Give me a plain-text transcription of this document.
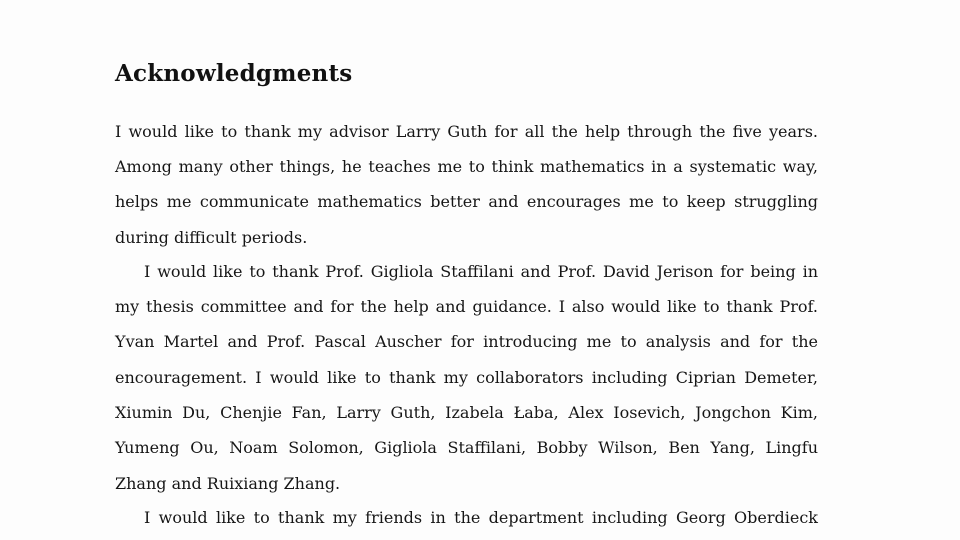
Acknowledgments
I would like to thank my advisor Larry Guth for all the help through the five years.
Among many other things, he teaches me to think mathematics in a systematic way,
helps me communicate mathematics better and encourages me to keep struggling
during difficult periods.
I would like to thank Prof. Gigliola Staffilani and Prof. David Jerison for being in
my thesis committee and for the help and guidance. I also would like to thank Prof.
Yvan Martel and Prof. Pascal Auscher for introducing me to analysis and for the
encouragement. I would like to thank my collaborators including Ciprian Demeter,
Xiumin Du, Chenjie Fan, Larry Guth, Izabela Łaba, Alex Iosevich, Jongchon Kim,
Yumeng Ou, Noam Solomon, Gigliola Staffilani, Bobby Wilson, Ben Yang, Lingfu
Zhang and Ruixiang Zhang.
I would like to thank my friends in the department including Georg Oberdieck
